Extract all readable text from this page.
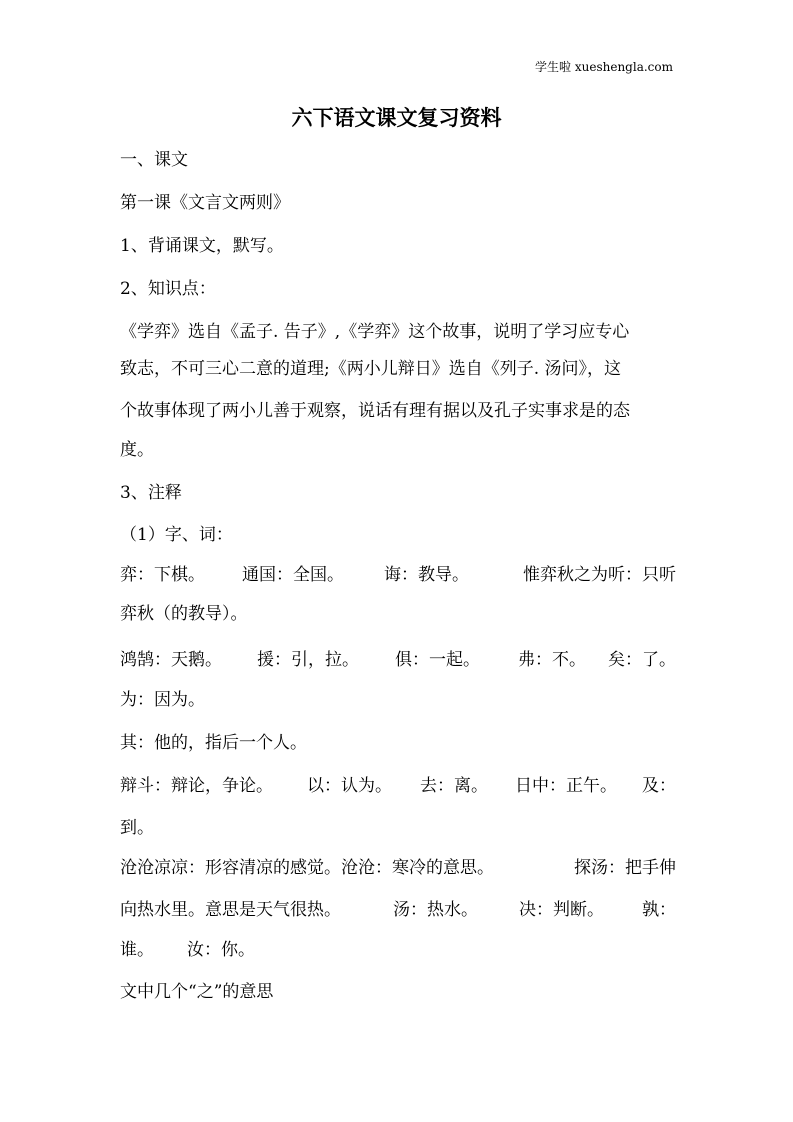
学生啦 xueshengla.com
六下语文课文复习资料
一、课文
第一课《文言文两则》
1、背诵课文，默写。
2、知识点：
《学弈》选自《孟子. 告子》,《学弈》这个故事，说明了学习应专心
致志，不可三心二意的道理;《两小儿辩日》选自《列子. 汤问》，这
个故事体现了两小儿善于观察，说话有理有据以及孔子实事求是的态
度。
3、注释
（1）字、词：
弈：下棋。 通国：全国。 诲：教导。	惟弈秋之为听：只听
弈秋（的教导）。
鸿鹄：天鹅。 援：引，拉。 俱：一起。 弗：不。 矣：了。
为：因为。
其：他的，指后一个人。
辩斗：辩论，争论。 以：认为。 去：离。 日中：正午。 及：
到。
沧沧凉凉：形容清凉的感觉。沧沧：寒冷的意思。	探汤：把手伸
向热水里。意思是天气很热。	汤：热水。 决：判断。 孰：
谁。 汝：你。
文中几个“之”的意思
